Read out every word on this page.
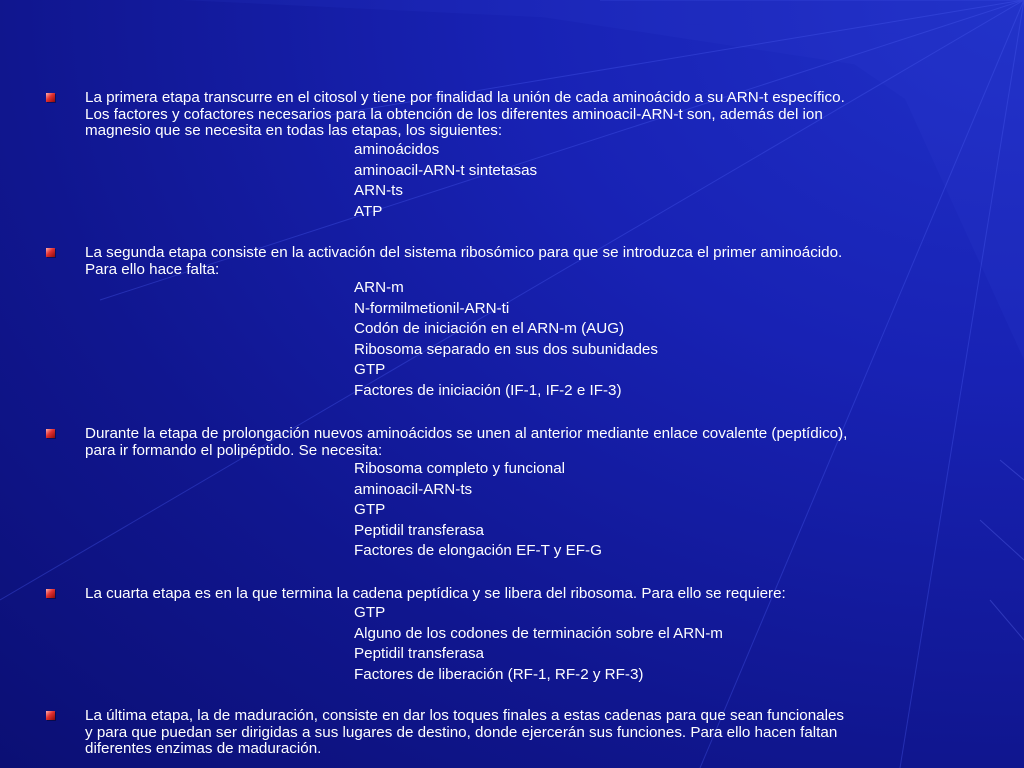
La primera etapa transcurre en el citosol y tiene por finalidad la unión de cada aminoácido a su ARN-t específico.
Los factores y cofactores necesarios para la obtención de los diferentes aminoacil-ARN-t son, además del ion
magnesio que se necesita en todas las etapas, los siguientes:
aminoácidos
aminoacil-ARN-t sintetasas
ARN-ts
ATP
La segunda etapa consiste en la activación del sistema ribosómico para que se introduzca el primer aminoácido.
Para ello hace falta:
ARN-m
N-formilmetionil-ARN-ti
Codón de iniciación en el ARN-m (AUG)
Ribosoma separado en sus dos subunidades
GTP
Factores de iniciación (IF-1, IF-2 e IF-3)
Durante la etapa de prolongación nuevos aminoácidos se unen al anterior mediante enlace covalente (peptídico),
para ir formando el polipéptido. Se necesita:
Ribosoma completo y funcional
aminoacil-ARN-ts
GTP
Peptidil transferasa
Factores de elongación EF-T y EF-G
La cuarta etapa es en la que termina la cadena peptídica y se libera del ribosoma. Para ello se requiere:
GTP
Alguno de los codones de terminación sobre el ARN-m
Peptidil transferasa
Factores de liberación (RF-1, RF-2 y RF-3)
La última etapa, la de maduración, consiste en dar los toques finales a estas cadenas para que sean funcionales
y para que puedan ser dirigidas a sus lugares de destino, donde ejercerán sus funciones. Para ello hacen faltan
diferentes enzimas de maduración.
